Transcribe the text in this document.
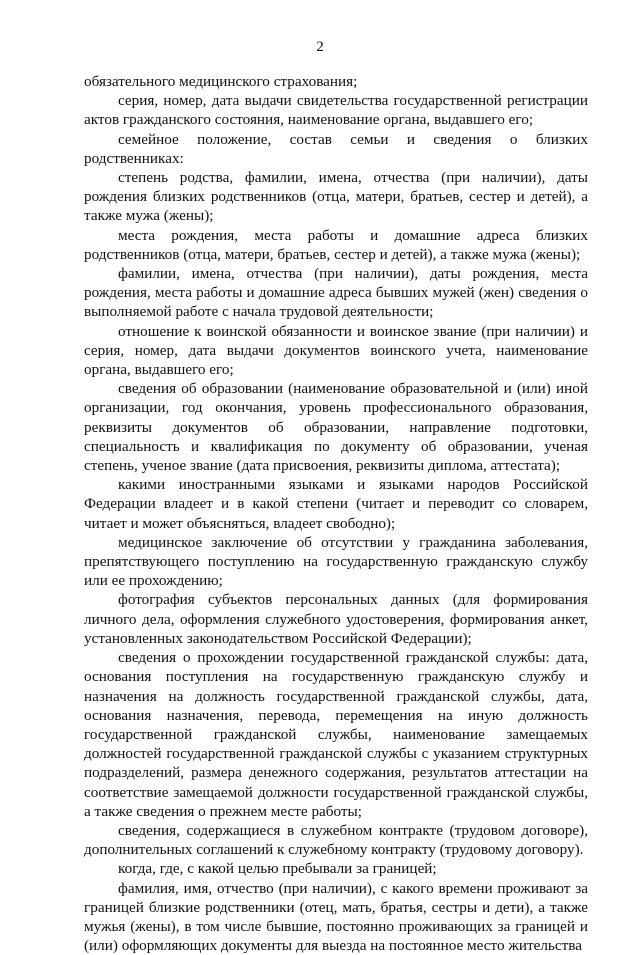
2

обязательного медицинского страхования;

серия, номер, дата выдачи свидетельства государственной регистрации актов гражданского состояния, наименование органа, выдавшего его;

семейное положение, состав семьи и сведения о близких родственниках:

степень родства, фамилии, имена, отчества (при наличии), даты рождения близких родственников (отца, матери, братьев, сестер и детей), а также мужа (жены);

места рождения, места работы и домашние адреса близких родственников (отца, матери, братьев, сестер и детей), а также мужа (жены);

фамилии, имена, отчества (при наличии), даты рождения, места рождения, места работы и домашние адреса бывших мужей (жен) сведения о выполняемой работе с начала трудовой деятельности;

отношение к воинской обязанности и воинское звание (при наличии) и серия, номер, дата выдачи документов воинского учета, наименование органа, выдавшего его;

сведения об образовании (наименование образовательной и (или) иной организации, год окончания, уровень профессионального образования, реквизиты документов об образовании, направление подготовки, специальность и квалификация по документу об образовании, ученая степень, ученое звание (дата присвоения, реквизиты диплома, аттестата);

какими иностранными языками и языками народов Российской Федерации владеет и в какой степени (читает и переводит со словарем, читает и может объясняться, владеет свободно);

медицинское заключение об отсутствии у гражданина заболевания, препятствующего поступлению на государственную гражданскую службу или ее прохождению;

фотография субъектов персональных данных (для формирования личного дела, оформления служебного удостоверения, формирования анкет, установленных законодательством Российской Федерации);

сведения о прохождении государственной гражданской службы: дата, основания поступления на государственную гражданскую службу и назначения на должность государственной гражданской службы, дата, основания назначения, перевода, перемещения на иную должность государственной гражданской службы, наименование замещаемых должностей государственной гражданской службы с указанием структурных подразделений, размера денежного содержания, результатов аттестации на соответствие замещаемой должности государственной гражданской службы, а также сведения о прежнем месте работы;

сведения, содержащиеся в служебном контракте (трудовом договоре), дополнительных соглашений к служебному контракту (трудовому договору).

когда, где, с какой целью пребывали за границей;

фамилия, имя, отчество (при наличии), с какого времени проживают за границей близкие родственники (отец, мать, братья, сестры и дети), а также мужья (жены), в том числе бывшие, постоянно проживающих за границей и (или) оформляющих документы для выезда на постоянное место жительства
